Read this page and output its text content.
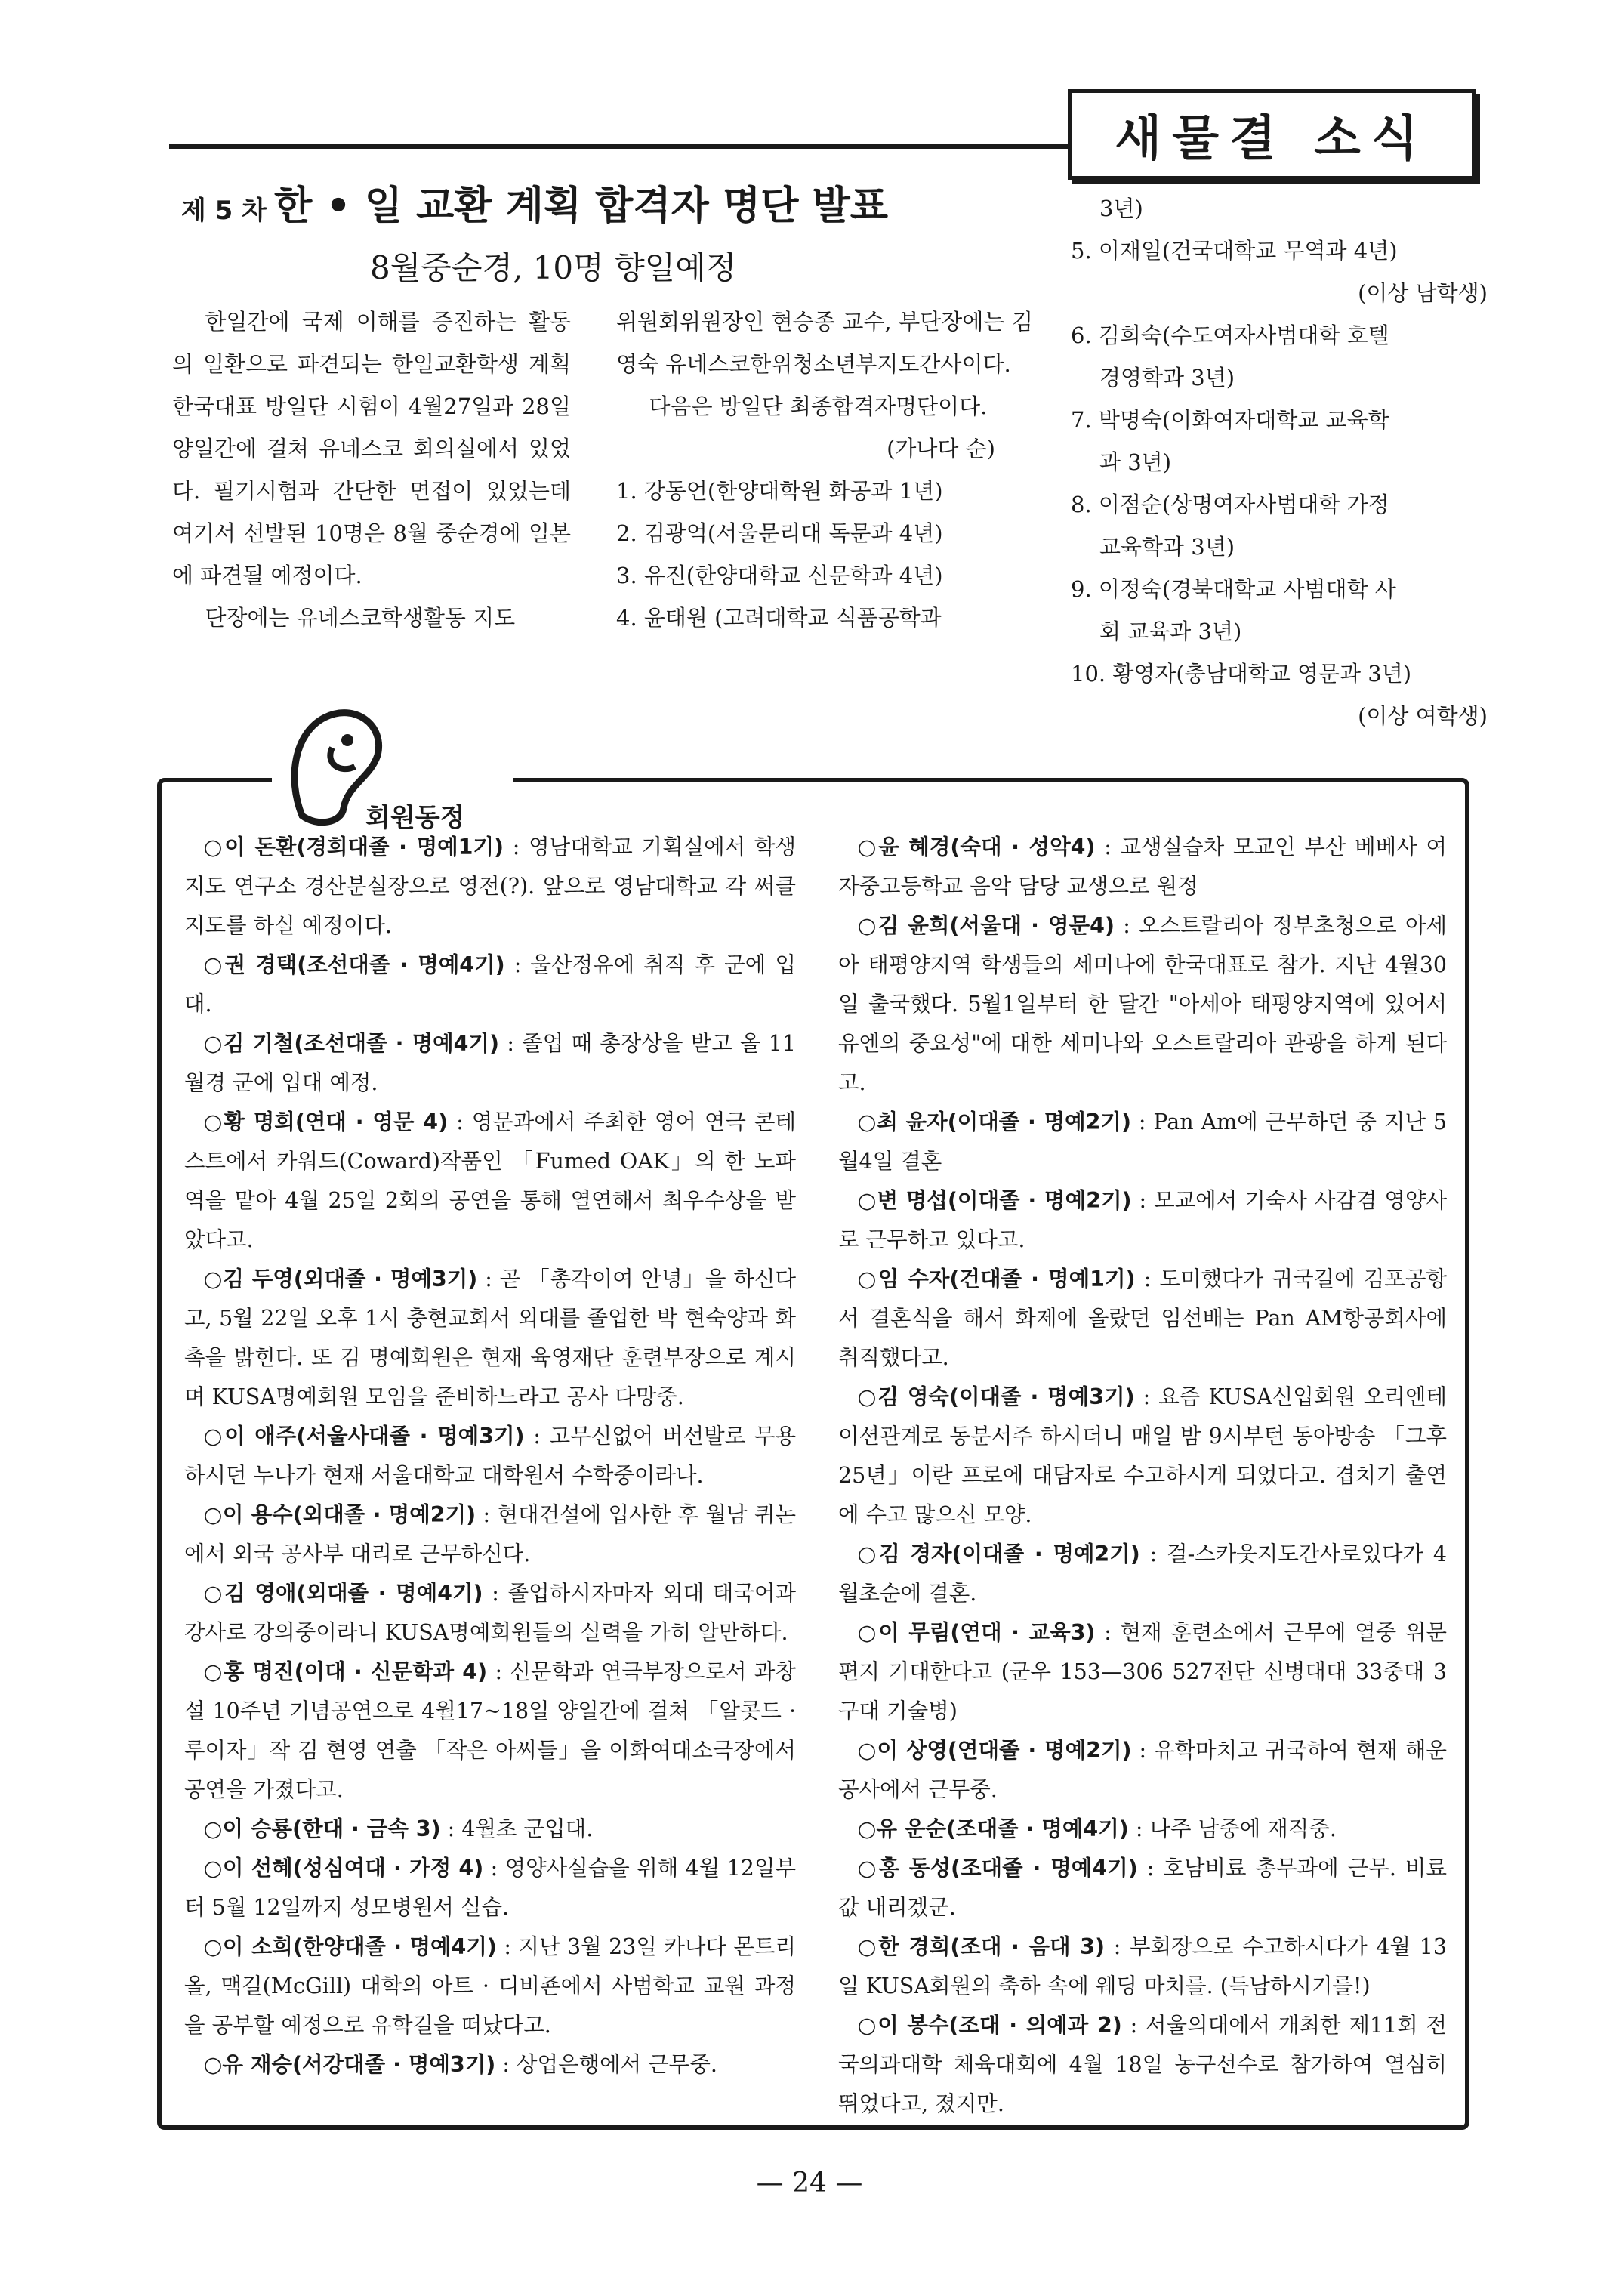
새물결 소식
제 5 차 한 • 일 교환 계획 합격자 명단 발표
8월중순경, 10명 향일예정

한일간에 국제 이해를 증진하는 활동의 일환으로 파견되는 한일교환학생 계획 한국대표 방일단 시험이 4월27일과 28일 양일간에 걸쳐 유네스코 회의실에서 있었다. 필기시험과 간단한 면접이 있었는데 여기서 선발된 10명은 8월 중순경에 일본에 파견될 예정이다.

단장에는 유네스코학생활동 지도

위원회위원장인 현승종 교수, 부단장에는 김영숙 유네스코한위청소년부지도간사이다.

다음은 방일단 최종합격자명단이다.

(가나다 순)
1. 강동언(한양대학원 화공과 1년)
2. 김광억(서울문리대 독문과 4년)
3. 유진(한양대학교 신문학과 4년)
4. 윤태원 (고려대학교 식품공학과
3년)
5. 이재일(건국대학교 무역과 4년)
(이상 남학생)
6. 김희숙(수도여자사범대학 호텔
경영학과 3년)
7. 박명숙(이화여자대학교 교육학
과 3년)
8. 이점순(상명여자사범대학 가정
교육학과 3년)
9. 이정숙(경북대학교 사범대학 사
회 교육과 3년)
10. 황영자(충남대학교 영문과 3년)
(이상 여학생)
회원동정

○이 돈환(경희대졸 · 명예1기) : 영남대학교 기획실에서 학생지도 연구소 경산분실장으로 영전(?). 앞으로 영남대학교 각 써클 지도를 하실 예정이다.

○권 경택(조선대졸 · 명예4기) : 울산정유에 취직 후 군에 입대.

○김 기철(조선대졸 · 명예4기) : 졸업 때 총장상을 받고 올 11월경 군에 입대 예정.

○황 명희(연대 · 영문 4) : 영문과에서 주최한 영어 연극 콘테스트에서 카워드(Coward)작품인 「Fumed OAK」의 한 노파역을 맡아 4월 25일 2회의 공연을 통해 열연해서 최우수상을 받았다고.

○김 두영(외대졸 · 명예3기) : 곧 「총각이여 안녕」을 하신다고, 5월 22일 오후 1시 충현교회서 외대를 졸업한 박 현숙양과 화촉을 밝힌다. 또 김 명예회원은 현재 육영재단 훈련부장으로 계시며 KUSA명예회원 모임을 준비하느라고 공사 다망중.

○이 애주(서울사대졸 · 명예3기) : 고무신없어 버선발로 무용하시던 누나가 현재 서울대학교 대학원서 수학중이라나.

○이 용수(외대졸 · 명예2기) : 현대건설에 입사한 후 월남 퀴논에서 외국 공사부 대리로 근무하신다.

○김 영애(외대졸 · 명예4기) : 졸업하시자마자 외대 태국어과 강사로 강의중이라니 KUSA명예회원들의 실력을 가히 알만하다.

○홍 명진(이대 · 신문학과 4) : 신문학과 연극부장으로서 과창설 10주년 기념공연으로 4월17~18일 양일간에 걸쳐 「알콧드 · 루이자」작 김 현영 연출 「작은 아씨들」을 이화여대소극장에서 공연을 가졌다고.

○이 승룡(한대 · 금속 3) : 4월초 군입대.

○이 선혜(성심여대 · 가정 4) : 영양사실습을 위해 4월 12일부터 5월 12일까지 성모병원서 실습.

○이 소희(한양대졸 · 명예4기) : 지난 3월 23일 카나다 몬트리올, 맥길(McGill) 대학의 아트 · 디비죤에서 사범학교 교원 과정을 공부할 예정으로 유학길을 떠났다고.

○유 재승(서강대졸 · 명예3기) : 상업은행에서 근무중.

○윤 혜경(숙대 · 성악4) : 교생실습차 모교인 부산 베베사 여자중고등학교 음악 담당 교생으로 원정

○김 윤희(서울대 · 영문4) : 오스트랄리아 정부초청으로 아세아 태평양지역 학생들의 세미나에 한국대표로 참가. 지난 4월30일 출국했다. 5월1일부터 한 달간 "아세아 태평양지역에 있어서 유엔의 중요성"에 대한 세미나와 오스트랄리아 관광을 하게 된다고.

○최 윤자(이대졸 · 명예2기) : Pan Am에 근무하던 중 지난 5월4일 결혼

○변 명섭(이대졸 · 명예2기) : 모교에서 기숙사 사감겸 영양사로 근무하고 있다고.

○임 수자(건대졸 · 명예1기) : 도미했다가 귀국길에 김포공항서 결혼식을 해서 화제에 올랐던 임선배는 Pan AM항공회사에 취직했다고.

○김 영숙(이대졸 · 명예3기) : 요즘 KUSA신입회원 오리엔테이션관계로 동분서주 하시더니 매일 밤 9시부턴 동아방송 「그후25년」이란 프로에 대담자로 수고하시게 되었다고. 겹치기 출연에 수고 많으신 모양.

○김 경자(이대졸 · 명예2기) : 걸-스카웃지도간사로있다가 4월초순에 결혼.

○이 무림(연대 · 교육3) : 현재 훈련소에서 근무에 열중 위문편지 기대한다고 (군우 153—306 527전단 신병대대 33중대 3구대 기술병)

○이 상영(연대졸 · 명예2기) : 유학마치고 귀국하여 현재 해운공사에서 근무중.

○유 운순(조대졸 · 명예4기) : 나주 남중에 재직중.

○홍 동성(조대졸 · 명예4기) : 호남비료 총무과에 근무. 비료값 내리겠군.

○한 경희(조대 · 음대 3) : 부회장으로 수고하시다가 4월 13일 KUSA회원의 축하 속에 웨딩 마치를. (득남하시기를!)

○이 봉수(조대 · 의예과 2) : 서울의대에서 개최한 제11회 전국의과대학 체육대회에 4월 18일 농구선수로 참가하여 열심히 뛰었다고, 졌지만.

— 24 —
